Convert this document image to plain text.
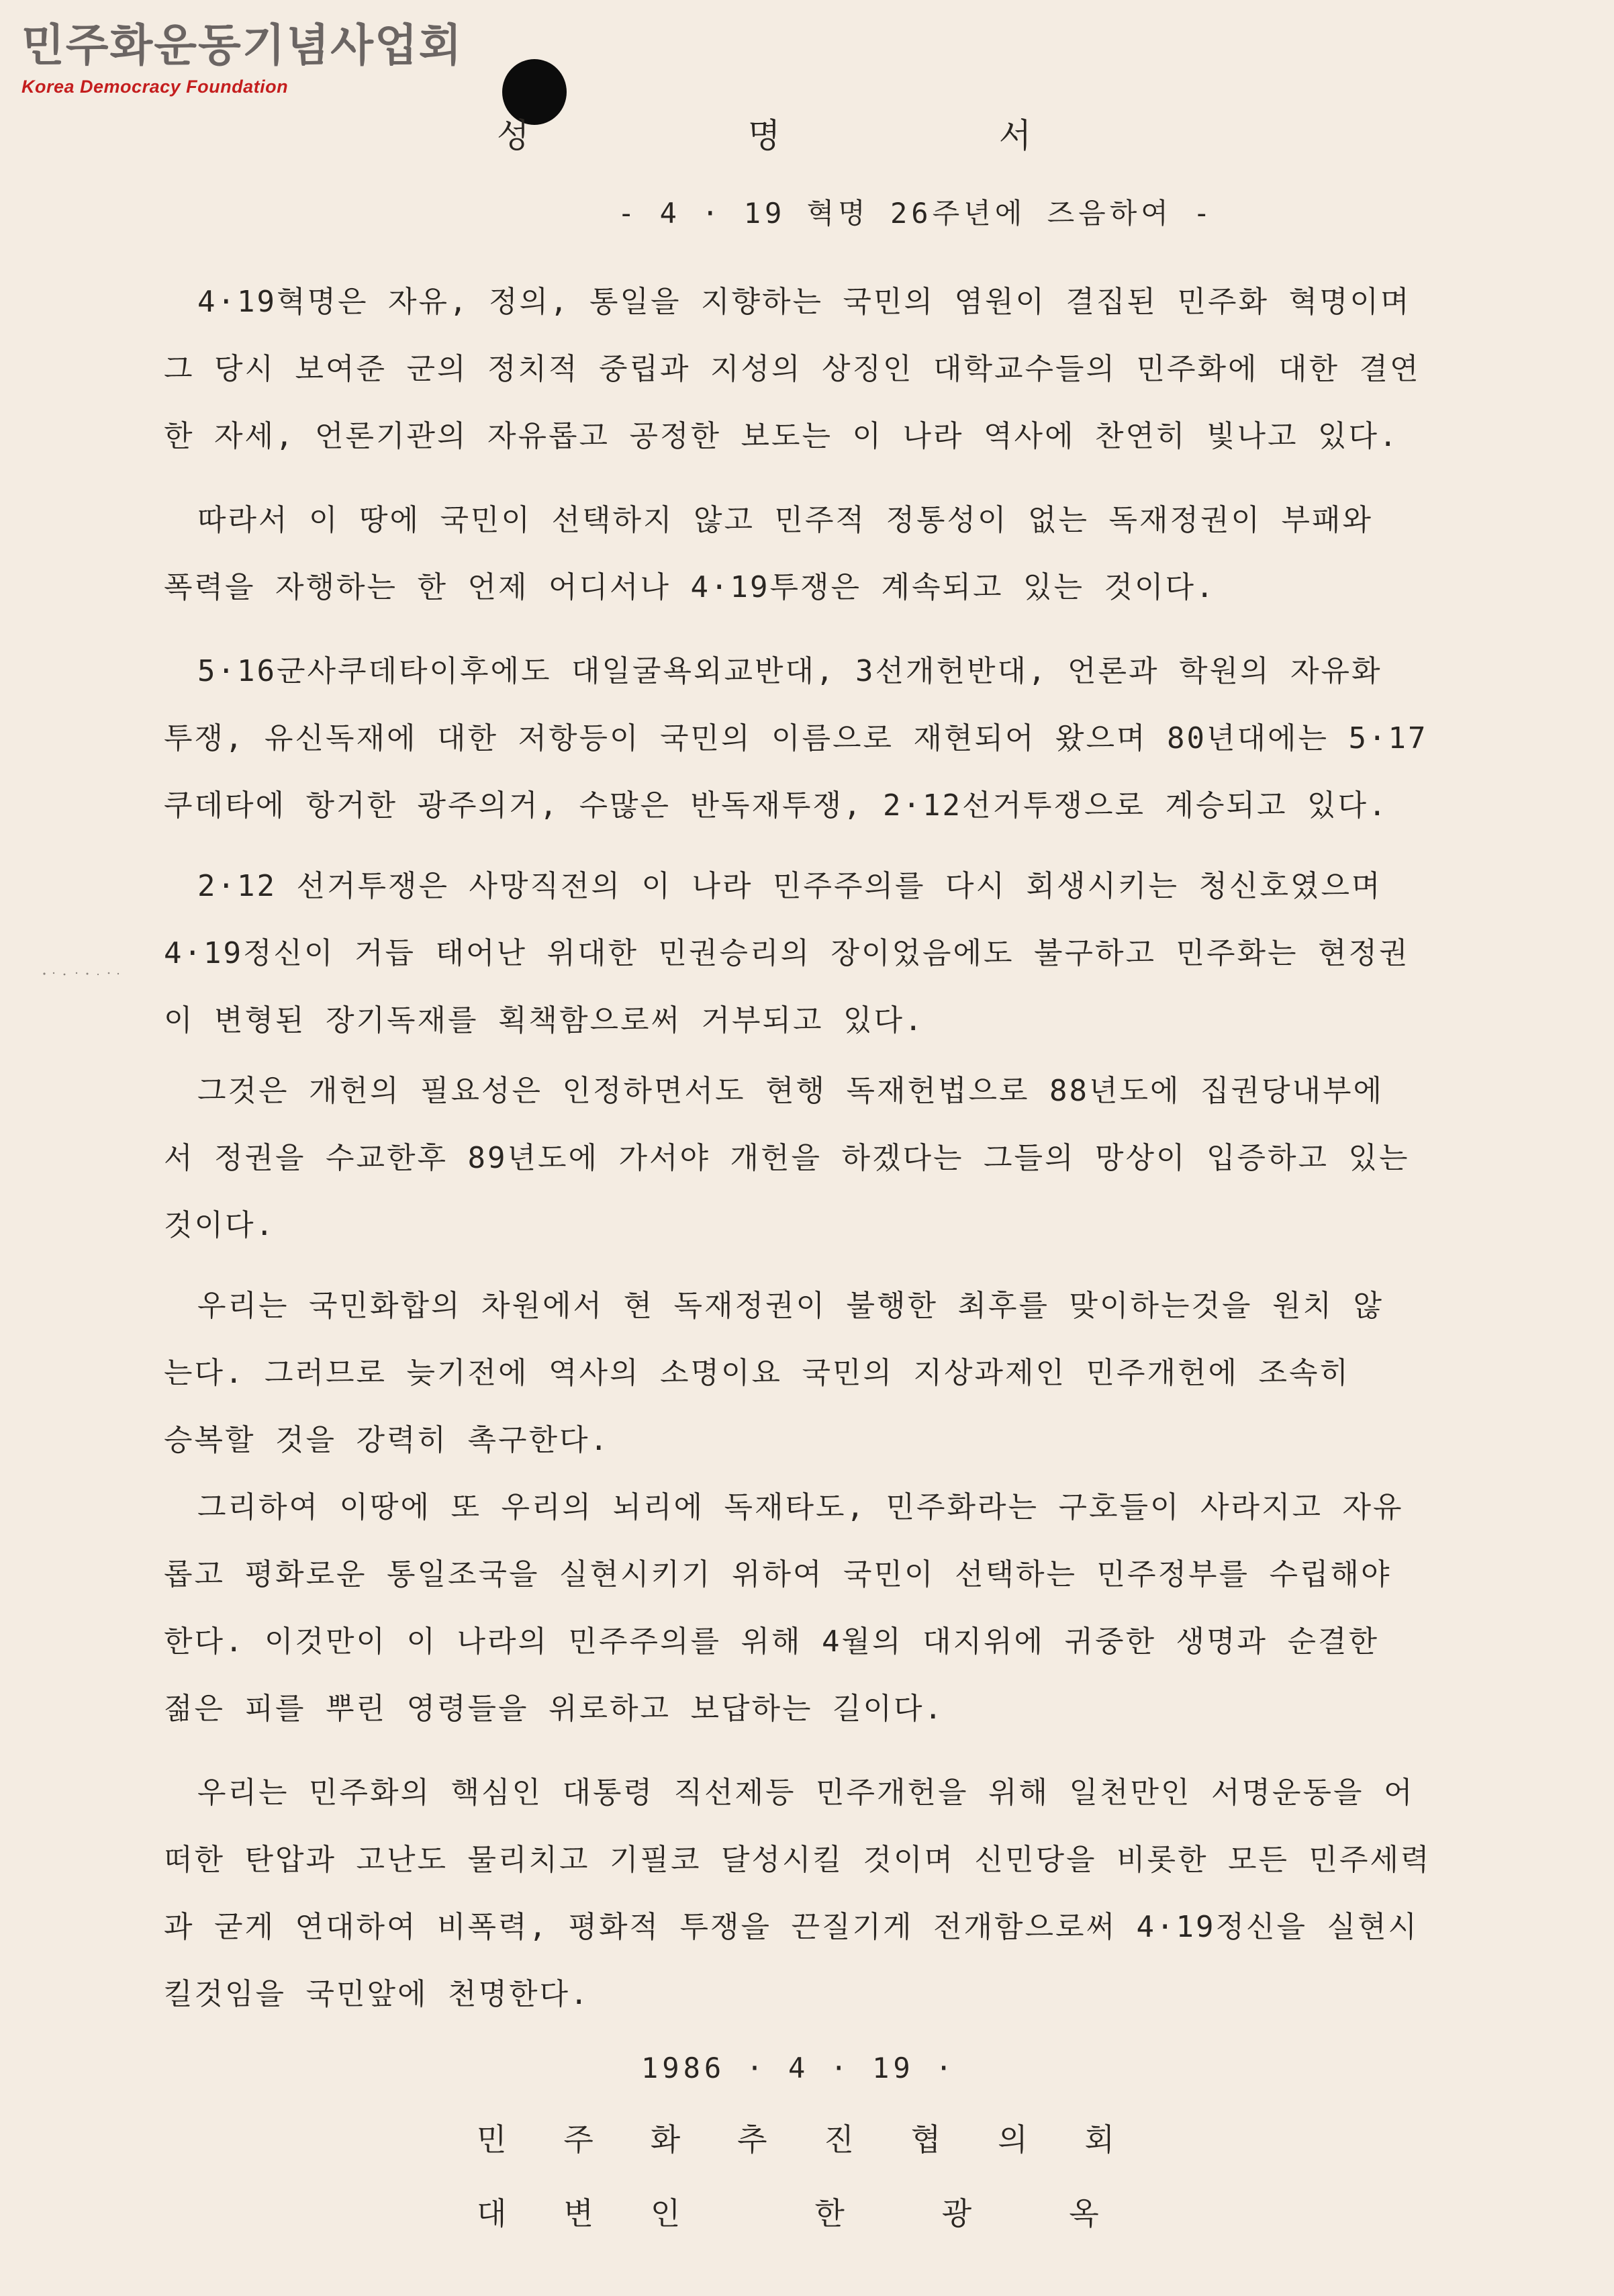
민주화운동기념사업회
Korea Democracy Foundation
성	명	서
- 4 · 19 혁명 26주년에 즈음하여 -
4·19혁명은 자유, 정의, 통일을 지향하는 국민의 염원이 결집된 민주화 혁명이며
그 당시 보여준 군의 정치적 중립과 지성의 상징인 대학교수들의 민주화에 대한 결연
한 자세, 언론기관의 자유롭고 공정한 보도는 이 나라 역사에 찬연히 빛나고 있다.
따라서 이 땅에 국민이 선택하지 않고 민주적 정통성이 없는 독재정권이 부패와
폭력을 자행하는 한 언제 어디서나 4·19투쟁은 계속되고 있는 것이다.
5·16군사쿠데타이후에도 대일굴욕외교반대, 3선개헌반대, 언론과 학원의 자유화
투쟁, 유신독재에 대한 저항등이 국민의 이름으로 재현되어 왔으며 80년대에는 5·17
쿠데타에 항거한 광주의거, 수많은 반독재투쟁, 2·12선거투쟁으로 계승되고 있다.
2·12 선거투쟁은 사망직전의 이 나라 민주주의를 다시 회생시키는 청신호였으며
4·19정신이 거듭 태어난 위대한 민권승리의 장이었음에도 불구하고 민주화는 현정권
이 변형된 장기독재를 획책함으로써 거부되고 있다.
그것은 개헌의 필요성은 인정하면서도 현행 독재헌법으로 88년도에 집권당내부에
서 정권을 수교한후 89년도에 가서야 개헌을 하겠다는 그들의 망상이 입증하고 있는
것이다.
우리는 국민화합의 차원에서 현 독재정권이 불행한 최후를 맞이하는것을 원치 않
는다. 그러므로 늦기전에 역사의 소명이요 국민의 지상과제인 민주개헌에 조속히
승복할 것을 강력히 촉구한다.
그리하여 이땅에 또 우리의 뇌리에 독재타도, 민주화라는 구호들이 사라지고 자유
롭고 평화로운 통일조국을 실현시키기 위하여 국민이 선택하는 민주정부를 수립해야
한다. 이것만이 이 나라의 민주주의를 위해 4월의 대지위에 귀중한 생명과 순결한
젊은 피를 뿌린 영령들을 위로하고 보답하는 길이다.
우리는 민주화의 핵심인 대통령 직선제등 민주개헌을 위해 일천만인 서명운동을 어
떠한 탄압과 고난도 물리치고 기필코 달성시킬 것이며 신민당을 비롯한 모든 민주세력
과 굳게 연대하여 비폭력, 평화적 투쟁을 끈질기게 전개함으로써 4·19정신을 실현시
킬것임을 국민앞에 천명한다.
1986 · 4 · 19 ·
민 주 화 추 진 협 의 회
대 변 인	한	광	옥
